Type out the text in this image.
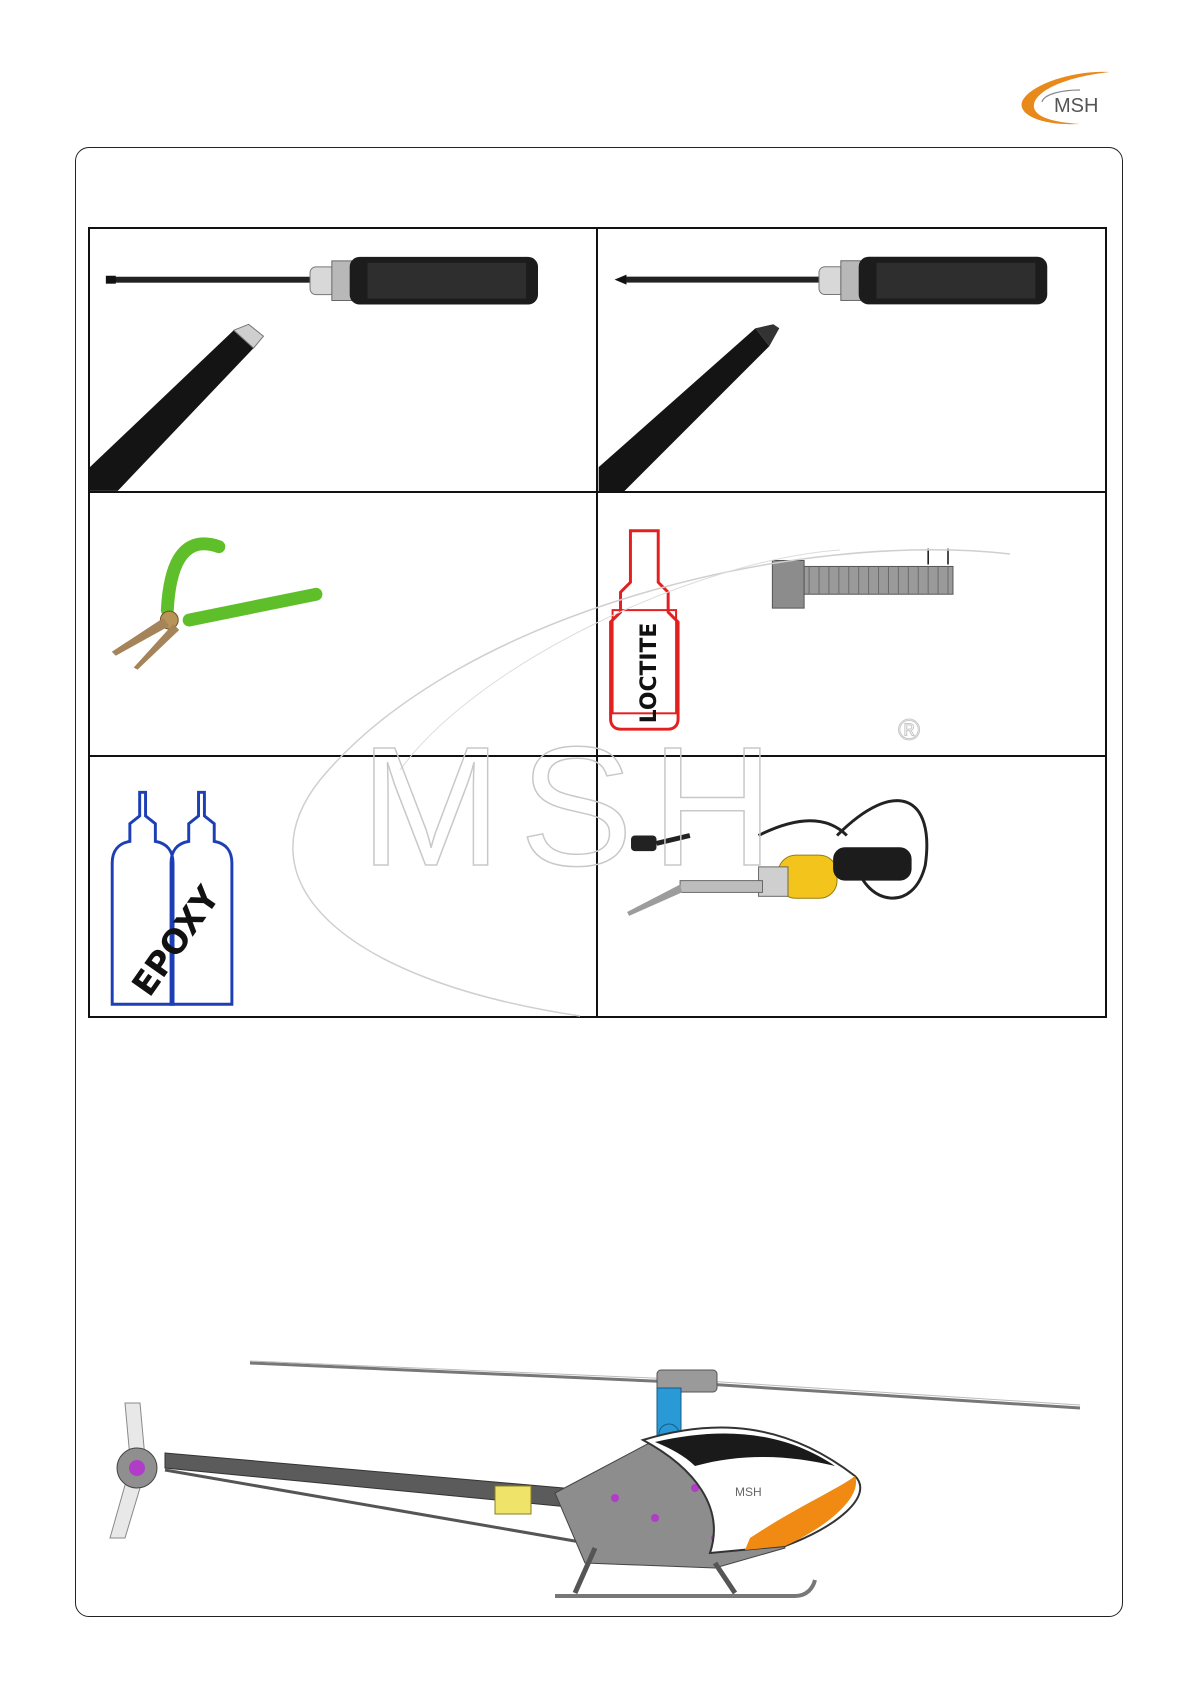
MSH
LOCTITE
EPOXY
MSH	®
MSH
